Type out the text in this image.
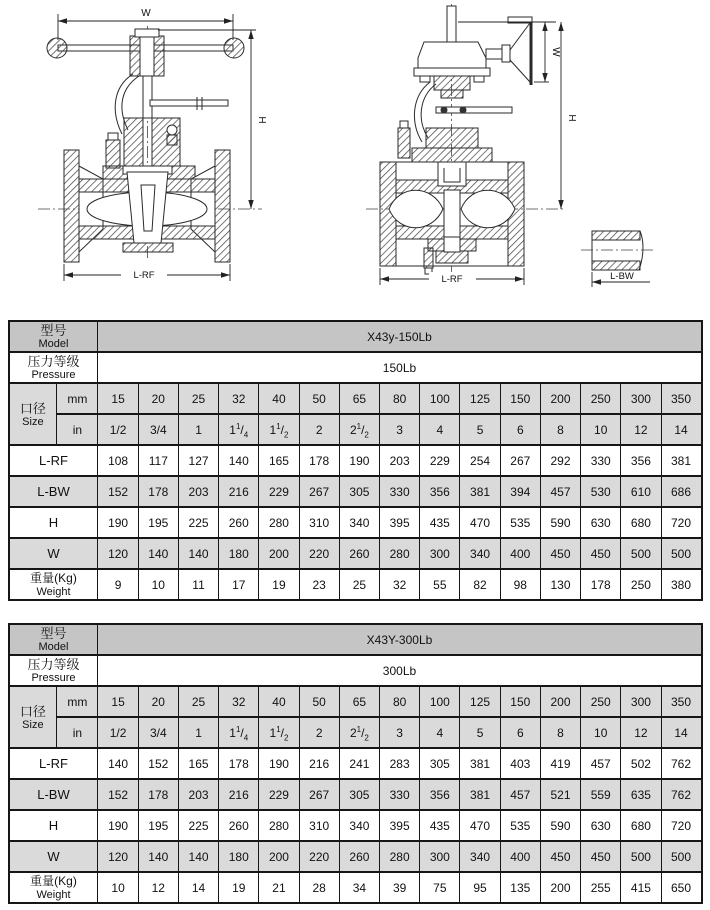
W
H
L-RF
W
H
L-RF	L-BW
型号
Model		X43y-150Lb														

压力等级
Pressure		150Lb														

口径
Size	mm	15	20	25	32	40	50	65	80	100	125	150	200	250	300	350
	in	1/2	3/4	1	$1^1/_4$	$1^1/_2$	2	$2^1/_2$	3	4	5	6	8	10	12	14
L-RF		108	117	127	140	165	178	190	203	229	254	267	292	330	356	381
L-BW		152	178	203	216	229	267	305	330	356	381	394	457	530	610	686
H		190	195	225	260	280	310	340	395	435	470	535	590	630	680	720
W		120	140	140	180	200	220	260	280	300	340	400	450	450	500	500

重量(Kg)
Weight		9	10	11	17	19	23	25	32	55	82	98	130	178	250	380
型号
Model		X43Y-300Lb														

压力等级
Pressure		300Lb														

口径
Size	mm	15	20	25	32	40	50	65	80	100	125	150	200	250	300	350
	in	1/2	3/4	1	$1^1/_4$	$1^1/_2$	2	$2^1/_2$	3	4	5	6	8	10	12	14
L-RF		140	152	165	178	190	216	241	283	305	381	403	419	457	502	762
L-BW		152	178	203	216	229	267	305	330	356	381	457	521	559	635	762
H		190	195	225	260	280	310	340	395	435	470	535	590	630	680	720
W		120	140	140	180	200	220	260	280	300	340	400	450	450	500	500

重量(Kg)
Weight		10	12	14	19	21	28	34	39	75	95	135	200	255	415	650
